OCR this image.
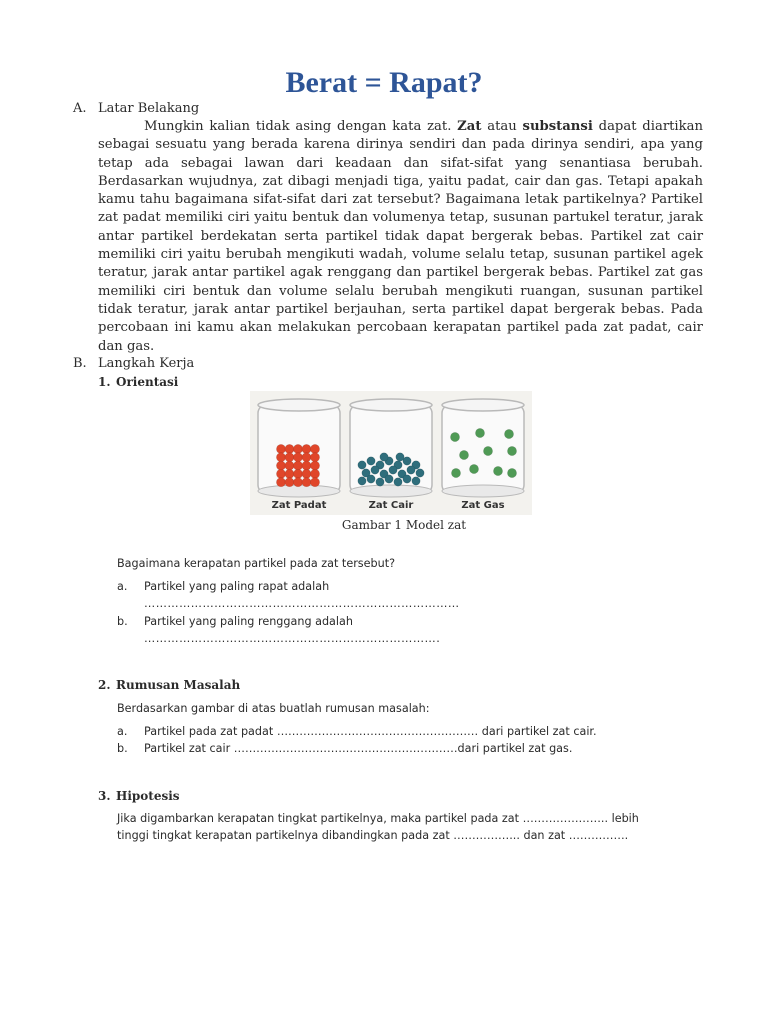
Berat = Rapat?
A. Latar Belakang

Mungkin kalian tidak asing dengan kata zat. Zat atau substansi dapat diartikan sebagai sesuatu yang berada karena dirinya sendiri dan pada dirinya sendiri, apa yang tetap ada sebagai lawan dari keadaan dan sifat-sifat yang senantiasa berubah. Berdasarkan wujudnya, zat dibagi menjadi tiga, yaitu padat, cair dan gas. Tetapi apakah kamu tahu bagaimana sifat-sifat dari zat tersebut? Bagaimana letak partikelnya? Partikel zat padat memiliki ciri yaitu bentuk dan volumenya tetap, susunan partukel teratur, jarak antar partikel berdekatan serta partikel tidak dapat bergerak bebas. Partikel zat cair memiliki ciri yaitu berubah mengikuti wadah, volume selalu tetap, susunan partikel agek teratur, jarak antar partikel agak renggang dan partikel bergerak bebas. Partikel zat gas memiliki ciri bentuk dan volume selalu berubah mengikuti ruangan, susunan partikel tidak teratur, jarak antar partikel berjauhan, serta partikel dapat bergerak bebas. Pada percobaan ini kamu akan melakukan percobaan kerapatan partikel pada zat padat, cair dan gas.

B. Langkah Kerja
1. Orientasi
Zat Padat	Zat Cair	Zat Gas
Gambar 1 Model zat
Bagaimana kerapatan partikel pada zat tersebut?
a. Partikel yang paling rapat adalah
………………………………………………………………………
b. Partikel yang paling renggang adalah
………………………………………………………………….
2. Rumusan Masalah
Berdasarkan gambar di atas buatlah rumusan masalah:
a. Partikel pada zat padat ……………………………………………… dari partikel zat cair.
b. Partikel zat cair ……………………………………………………dari partikel zat gas.
3. Hipotesis
Jika digambarkan kerapatan tingkat partikelnya, maka partikel pada zat ………………….. lebih
tinggi tingkat kerapatan partikelnya dibandingkan pada zat ……………... dan zat …………….
